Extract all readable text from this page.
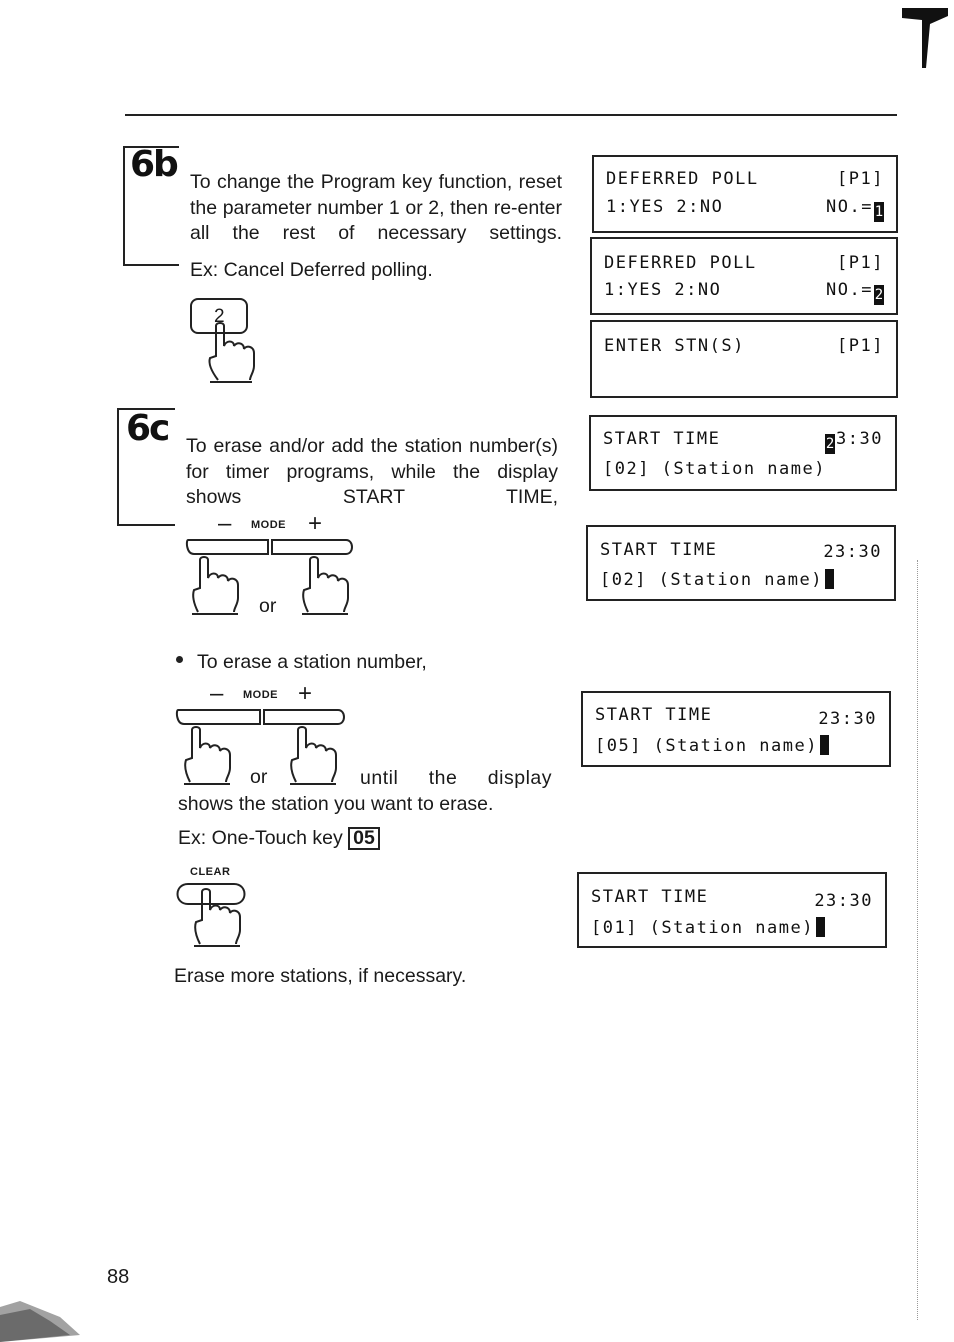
6b To change the Program key function, reset the parameter number 1 or 2, then re-enter all the rest of necessary settings.
Ex: Cancel Deferred polling.
2
6c To erase and/or add the station number(s) for timer programs, while the display shows START TIME,
– MODE +
or
To erase a station number,
– MODE +
or	until the display
shows the station you want to erase.
Ex: One-Touch key 05
CLEAR
Erase more stations, if necessary.
DEFERRED POLL	[P1]
1:YES 2:NO	NO.= 1
DEFERRED POLL	[P1]
1:YES 2:NO	NO.= 2
ENTER STN(S)	[P1]
START TIME	2 3:30
[02] (Station name)
START TIME	23:30
[02] (Station name)
START TIME	23:30
[05] (Station name)
START TIME	23:30
[01] (Station name)
88
